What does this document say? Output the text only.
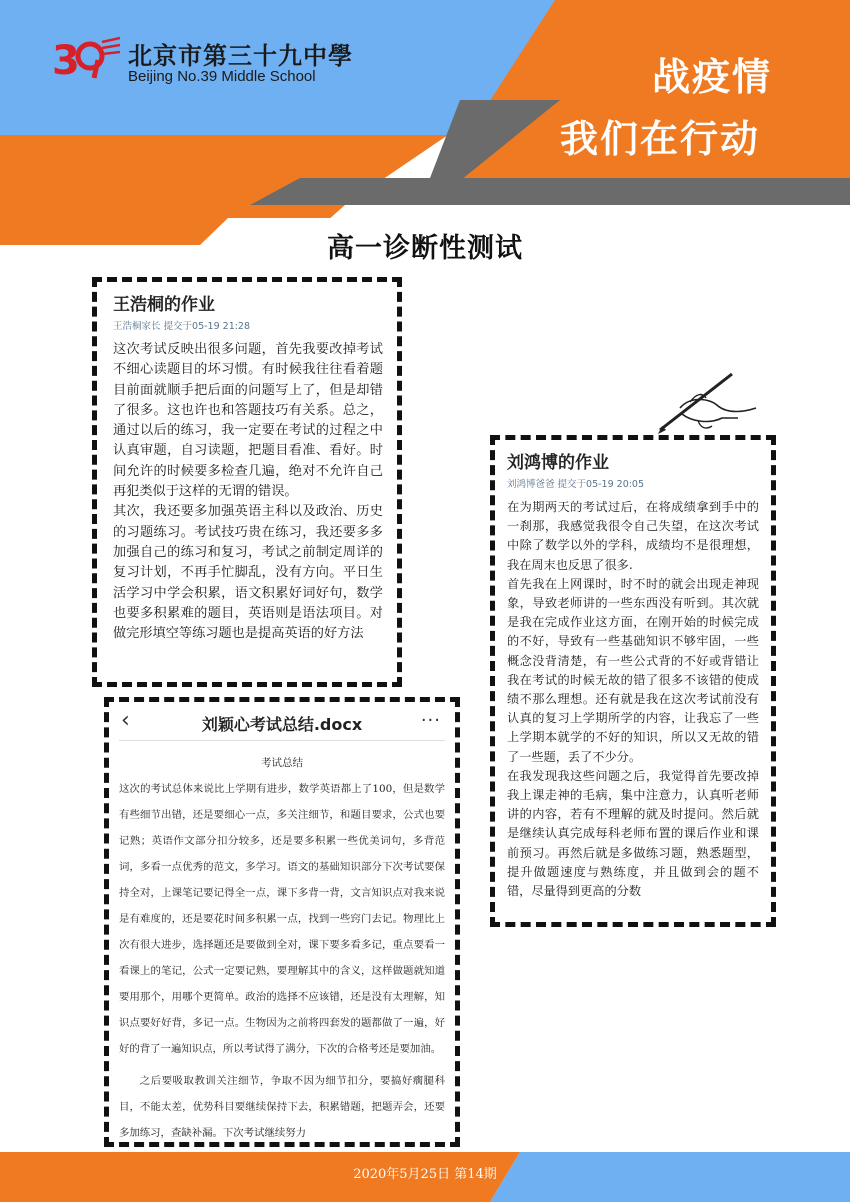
3 北京市第三十九中學
Beijing No.39 Middle School	战疫情
我们在行动
高一诊断性测试
王浩桐的作业
王浩桐家长 提交于05-19 21:28

这次考试反映出很多问题，首先我要改掉考试不细心读题目的坏习惯。有时候我往往看着题目前面就顺手把后面的问题写上了，但是却错了很多。这也许也和答题技巧有关系。总之，通过以后的练习，我一定要在考试的过程之中认真审题，自习读题，把题目看准、看好。时间允许的时候要多检查几遍，绝对不允许自己再犯类似于这样的无谓的错误。

其次，我还要多加强英语主科以及政治、历史的习题练习。考试技巧贵在练习，我还要多多加强自己的练习和复习，考试之前制定周详的复习计划，不再手忙脚乱，没有方向。平日生活学习中学会积累，语文积累好词好句，数学也要多积累难的题目，英语则是语法项目。对做完形填空等练习题也是提高英语的好方法

刘鸿博的作业
刘鸿博爸爸 提交于05-19 20:05

在为期两天的考试过后，在将成绩拿到手中的一刹那，我感觉我很令自己失望，在这次考试中除了数学以外的学科，成绩均不是很理想，我在周末也反思了很多.

首先我在上网课时，时不时的就会出现走神现象，导致老师讲的一些东西没有听到。其次就是我在完成作业这方面，在刚开始的时候完成的不好，导致有一些基础知识不够牢固，一些概念没背清楚，有一些公式背的不好或背错让我在考试的时候无故的错了很多不该错的使成绩不那么理想。还有就是我在这次考试前没有认真的复习上学期所学的内容，让我忘了一些上学期本就学的不好的知识，所以又无故的错了一些题，丢了不少分。

在我发现我这些问题之后，我觉得首先要改掉我上课走神的毛病，集中注意力，认真听老师讲的内容，若有不理解的就及时提问。然后就是继续认真完成每科老师布置的课后作业和课前预习。再然后就是多做练习题，熟悉题型，提升做题速度与熟练度，并且做到会的题不错，尽量得到更高的分数

‹	刘颖心考试总结.docx	···
考试总结

这次的考试总体来说比上学期有进步，数学英语都上了100，但是数学有些细节出错，还是要细心一点，多关注细节，和题目要求，公式也要记熟；英语作文部分扣分较多，还是要多积累一些优美词句，多背范词，多看一点优秀的范文，多学习。语文的基础知识部分下次考试要保持全对，上课笔记要记得全一点，课下多背一背，文言知识点对我来说是有难度的，还是要花时间多积累一点，找到一些窍门去记。物理比上次有很大进步，选择题还是要做到全对，课下要多看多记，重点要看一看课上的笔记，公式一定要记熟，要理解其中的含义，这样做题就知道要用那个，用哪个更简单。政治的选择不应该错，还是没有太理解，知识点要好好背，多记一点。生物因为之前将四套发的题都做了一遍，好好的背了一遍知识点，所以考试得了满分，下次的合格考还是要加油。

之后要吸取教训关注细节，争取不因为细节扣分，要搞好瘸腿科目，不能太差，优势科目要继续保持下去，积累错题，把题弄会，还要多加练习，查缺补漏。下次考试继续努力

2020年5月25日 第14期
